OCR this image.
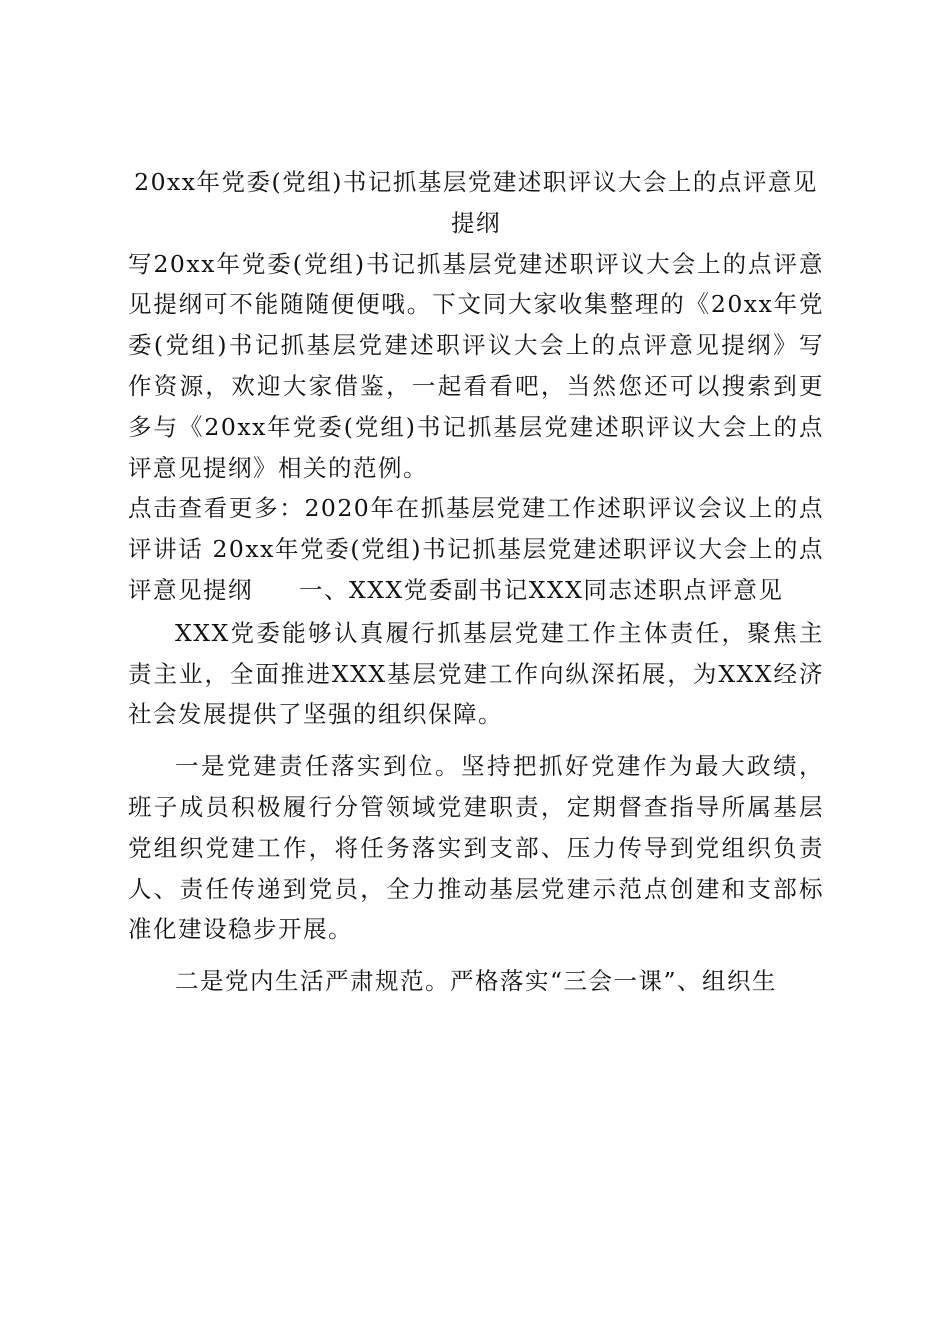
20xx年党委(党组)书记抓基层党建述职评议大会上的点评意见提纲

写20xx年党委(党组)书记抓基层党建述职评议大会上的点评意见提纲可不能随随便便哦。下文同大家收集整理的《20xx年党委(党组)书记抓基层党建述职评议大会上的点评意见提纲》写作资源，欢迎大家借鉴，一起看看吧，当然您还可以搜索到更多与《20xx年党委(党组)书记抓基层党建述职评议大会上的点评意见提纲》相关的范例。

点击查看更多：2020年在抓基层党建工作述职评议会议上的点评讲话 20xx年党委(党组)书记抓基层党建述职评议大会上的点评意见提纲 一、XXX党委副书记XXX同志述职点评意见

XXX党委能够认真履行抓基层党建工作主体责任，聚焦主责主业，全面推进XXX基层党建工作向纵深拓展，为XXX经济社会发展提供了坚强的组织保障。

一是党建责任落实到位。坚持把抓好党建作为最大政绩，班子成员积极履行分管领域党建职责，定期督查指导所属基层党组织党建工作，将任务落实到支部、压力传导到党组织负责人、责任传递到党员，全力推动基层党建示范点创建和支部标准化建设稳步开展。

二是党内生活严肃规范。严格落实“三会一课”、组织生
